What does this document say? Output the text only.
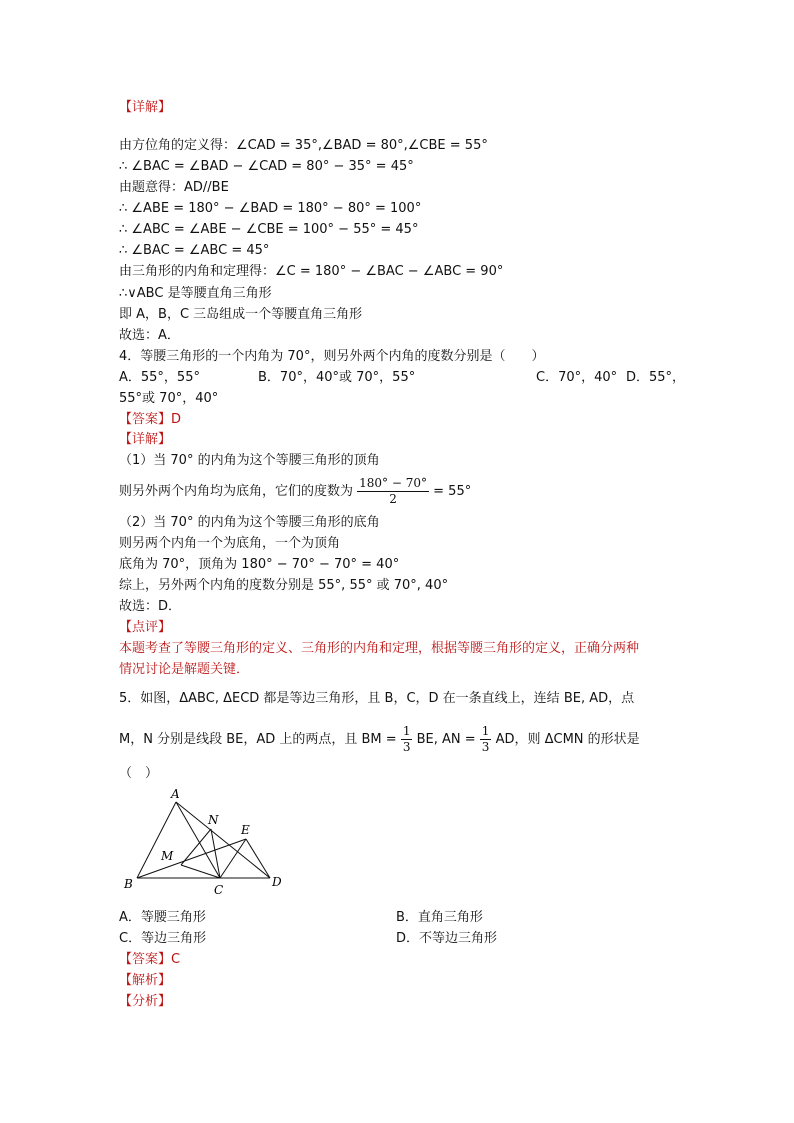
【详解】
由方位角的定义得：∠CAD = 35°,∠BAD = 80°,∠CBE = 55°
∴ ∠BAC = ∠BAD − ∠CAD = 80° − 35° = 45°
由题意得：AD//BE
∴ ∠ABE = 180° − ∠BAD = 180° − 80° = 100°
∴ ∠ABC = ∠ABE − ∠CBE = 100° − 55° = 45°
∴ ∠BAC = ∠ABC = 45°
由三角形的内角和定理得：∠C = 180° − ∠BAC − ∠ABC = 90°
∴∨ABC 是等腰直角三角形
即 A，B，C 三岛组成一个等腰直角三角形
故选：A．
4．等腰三角形的一个内角为 70°，则另外两个内角的度数分别是（　　）
A．55°，55°	B．70°，40°或 70°，55°	C．70°，40° D．55°，
55°或 70°，40°
【答案】D
【详解】
（1）当 70° 的内角为这个等腰三角形的顶角
则另外两个内角均为底角，它们的度数为 $\frac{180^\circ - 70^\circ}{2} = 55^\circ$
（2）当 70° 的内角为这个等腰三角形的底角
则另两个内角一个为底角，一个为顶角
底角为 70°，顶角为 180° − 70° − 70° = 40°
综上，另外两个内角的度数分别是 55°, 55° 或 70°, 40°
故选：D．
【点评】
本题考查了等腰三角形的定义、三角形的内角和定理，根据等腰三角形的定义，正确分两种
情况讨论是解题关键．
5．如图，ΔABC, ΔECD 都是等边三角形，且 B，C，D 在一条直线上，连结 BE, AD，点
M，N 分别是线段 BE，AD 上的两点，且 BM = $\frac{1}{3}$ BE, AN = $\frac{1}{3}$ AD，则 ΔCMN 的形状是
（　）
A
N
E
M
B	C
D
A．等腰三角形	B．直角三角形
C．等边三角形	D．不等边三角形
【答案】C
【解析】
【分析】
